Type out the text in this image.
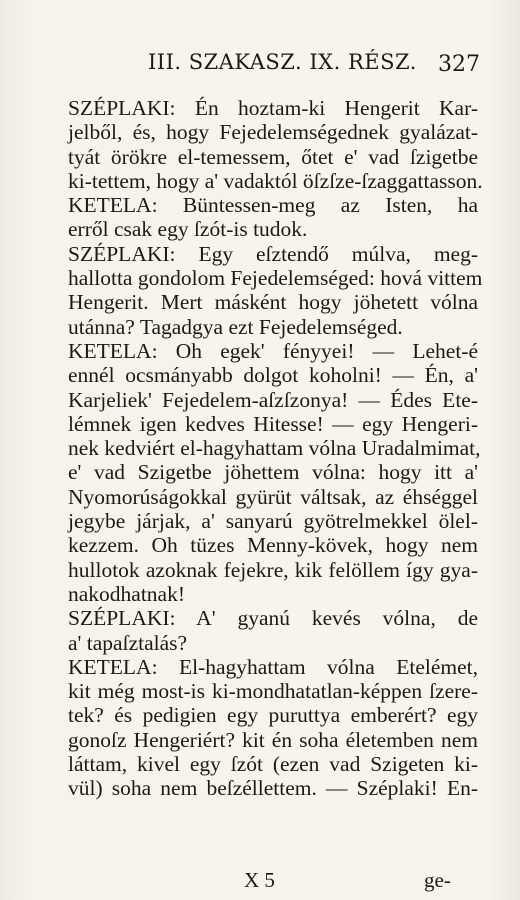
III. SZAKASZ. IX. RÉSZ. 327
SZÉPLAKI: Én hoztam-ki Hengerit Kar-
jelből, és, hogy Fejedelemségednek gyalázat-
tyát örökre el-temessem, őtet e' vad ſzigetbe
ki-tettem, hogy a' vadaktól öſzſze-ſzaggattasson.
KETELA: Büntessen-meg az Isten, ha
erről csak egy ſzót-is tudok.
SZÉPLAKI: Egy eſztendő múlva, meg-
hallotta gondolom Fejedelemséged: hová vittem
Hengerit. Mert másként hogy jöhetett vólna
utánna? Tagadgya ezt Fejedelemséged.
KETELA: Oh egek' fényyei! — Lehet-é
ennél ocsmányabb dolgot koholni! — Én, a'
Karjeliek' Fejedelem-aſzſzonya! — Édes Ete-
lémnek igen kedves Hitesse! — egy Hengeri-
nek kedviért el-hagyhattam vólna Uradalmimat,
e' vad Szigetbe jöhettem vólna: hogy itt a'
Nyomorúságokkal gyürüt váltsak, az éhséggel
jegybe járjak, a' sanyarú gyötrelmekkel ölel-
kezzem. Oh tüzes Menny-kövek, hogy nem
hullotok azoknak fejekre, kik felöllem így gya-
nakodhatnak!
SZÉPLAKI: A' gyanú kevés vólna, de
a' tapaſztalás?
KETELA: El-hagyhattam vólna Etelémet,
kit még most-is ki-mondhatatlan-képpen ſzere-
tek? és pedigien egy puruttya emberért? egy
gonoſz Hengeriért? kit én soha életemben nem
láttam, kivel egy ſzót (ezen vad Szigeten ki-
vül) soha nem beſzéllettem. — Széplaki! En-
X 5	ge-
